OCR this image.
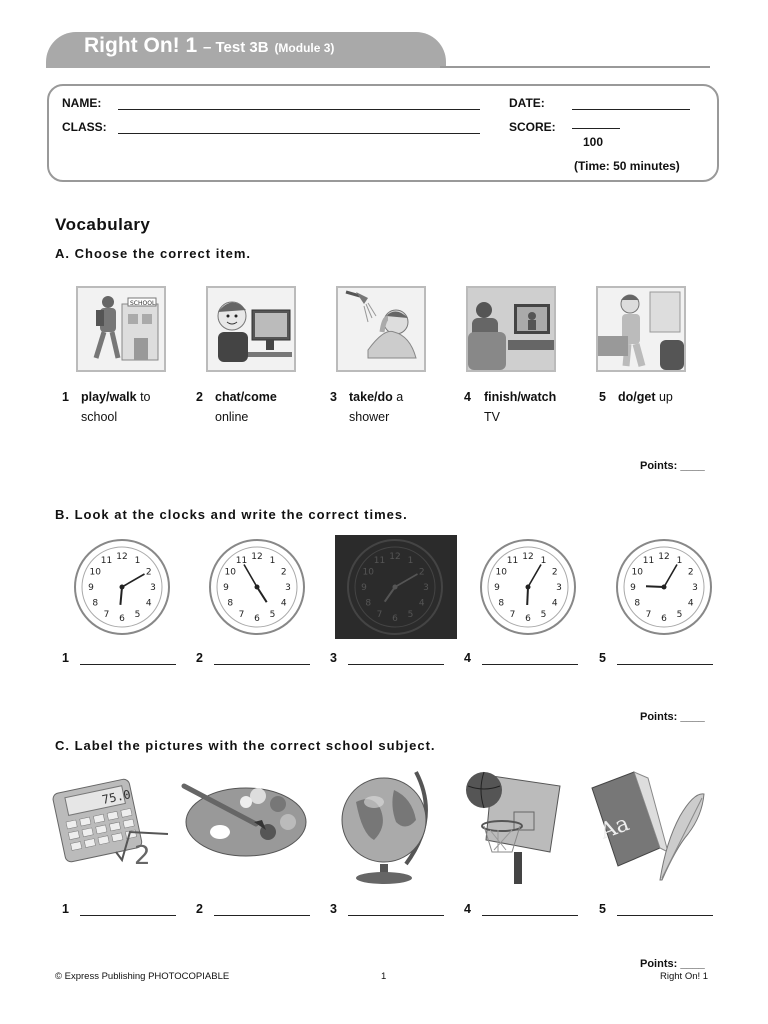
Right On! 1 – Test 3B (Module 3)
NAME:
CLASS:
DATE:
SCORE:
100
(Time: 50 minutes)
Vocabulary
A. Choose the correct item.
SCHOOL
1 play/walk to
school
2 chat/come
online
3 take/do a
shower
4 finish/watch
TV
5 do/get up

Points: ____
B. Look at the clocks and write the correct times.
1
2
3
4
5
6
7
8
9
10
11 12
1
1
2
3
4
5
6
7
8
9
10
11 12
2
1
2
3
4
5
6
7
8
9
10
11 12
3
1
2
3
4
5
6
7
8
9
10
11 12
4
1
2
3
4
5
6
7
8
9
10
11 12
5
Points: ____
C. Label the pictures with the correct school subject.
75.0
2
Aa
1	2	3	4	5
Points: ____
© Express Publishing PHOTOCOPIABLE	1	Right On! 1
